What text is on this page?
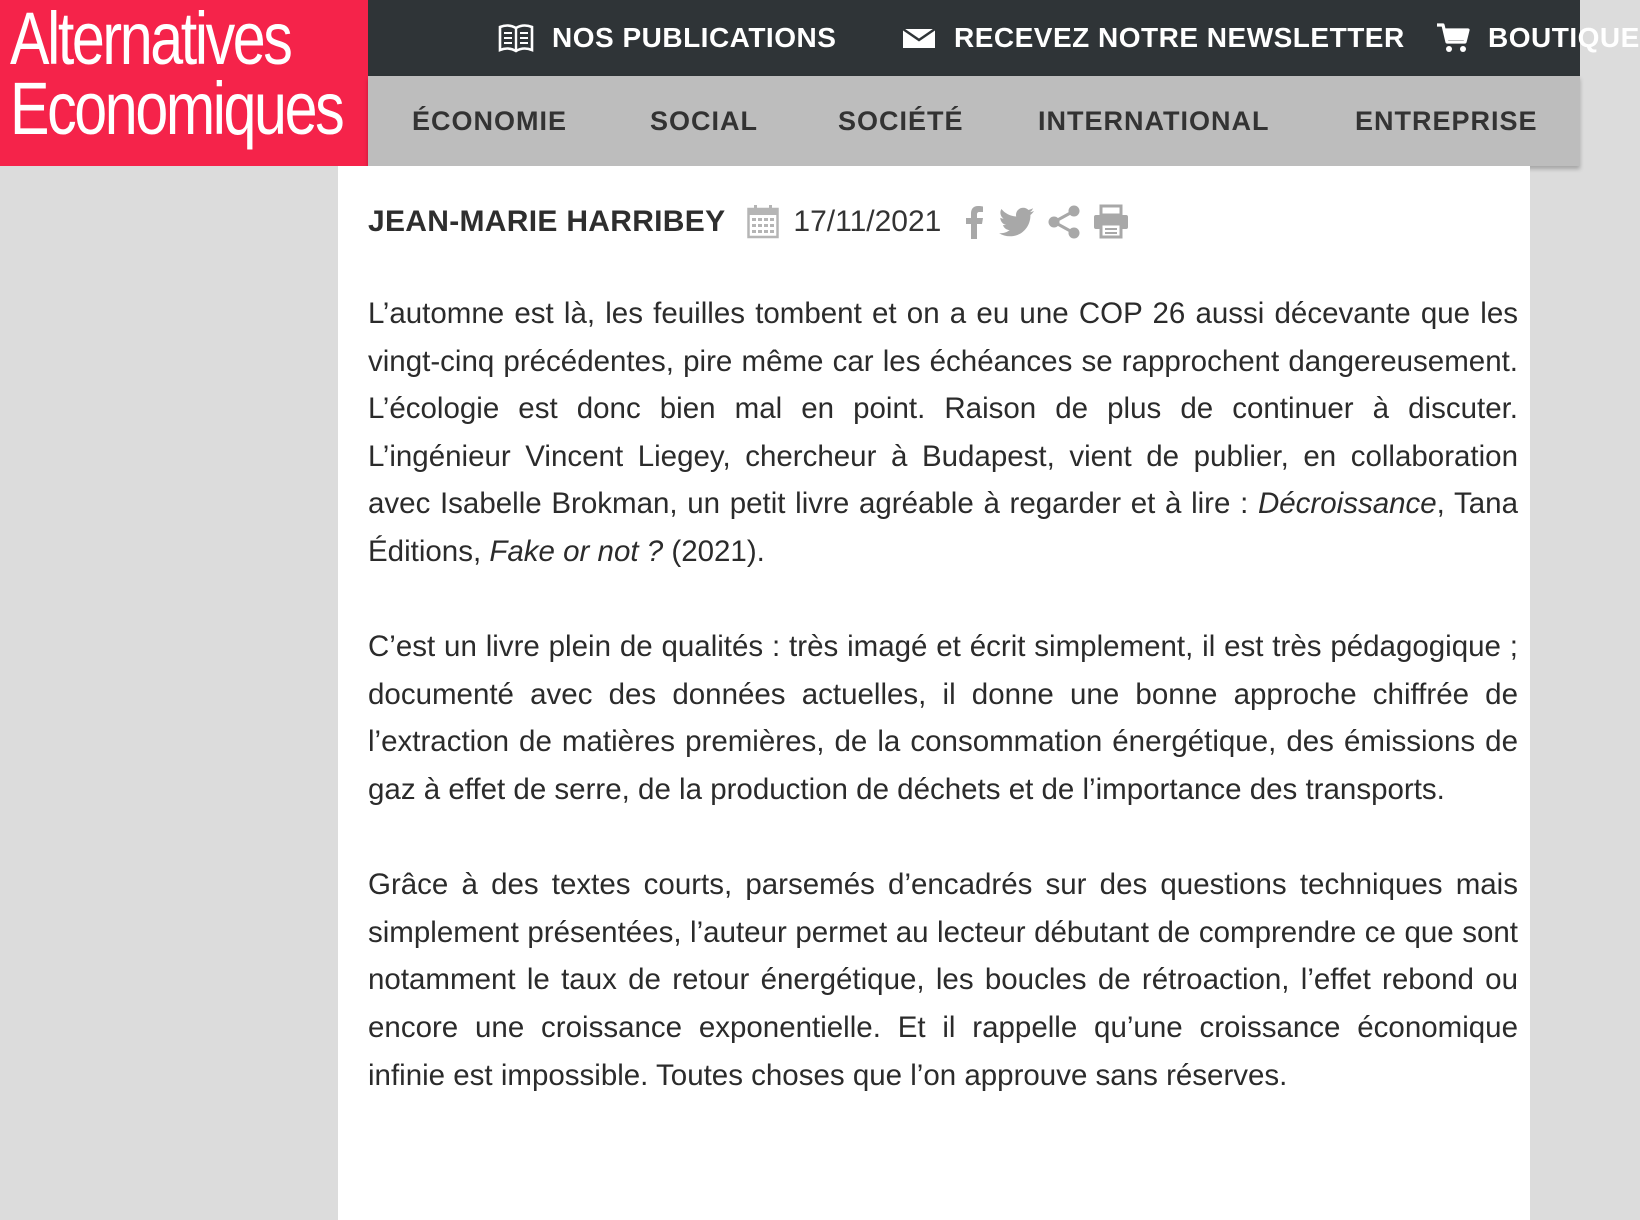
Alternatives
Economiques
NOS PUBLICATIONS	RECEVEZ NOTRE NEWSLETTER	BOUTIQUE
ÉCONOMIE	SOCIAL	SOCIÉTÉ	INTERNATIONAL	ENTREPRISE
JEAN-MARIE HARRIBEY 17/11/2021

L’automne est là, les feuilles tombent et on a eu une COP 26 aussi décevante que les vingt-cinq précédentes, pire même car les échéances se rapprochent dangereusement. L’écologie est donc bien mal en point. Raison de plus de continuer à discuter. L’ingénieur Vincent Liegey, chercheur à Budapest, vient de publier, en collaboration avec Isabelle Brokman, un petit livre agréable à regarder et à lire : Décroissance, Tana Éditions, Fake or not ? (2021).

C’est un livre plein de qualités : très imagé et écrit simplement, il est très pédagogique ; documenté avec des données actuelles, il donne une bonne approche chiffrée de l’extraction de matières premières, de la consommation énergétique, des émissions de gaz à effet de serre, de la production de déchets et de l’importance des transports.

Grâce à des textes courts, parsemés d’encadrés sur des questions techniques mais simplement présentées, l’auteur permet au lecteur débutant de comprendre ce que sont notamment le taux de retour énergétique, les boucles de rétroaction, l’effet rebond ou encore une croissance exponentielle. Et il rappelle qu’une croissance économique infinie est impossible. Toutes choses que l’on approuve sans réserves.
